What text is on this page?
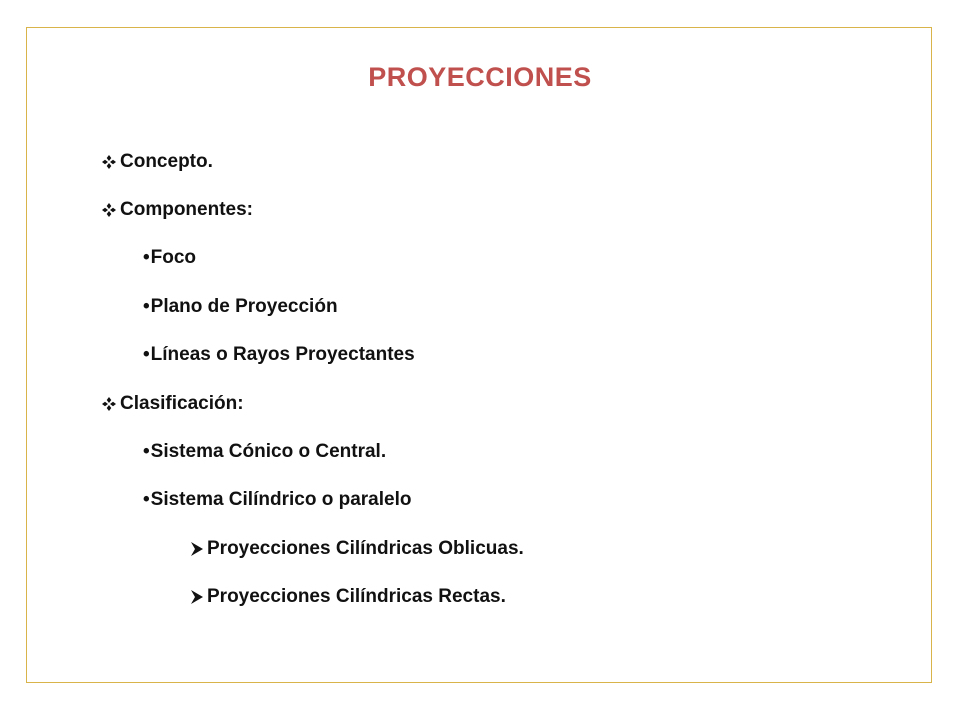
PROYECCIONES
Concepto.
Componentes:
• Foco
• Plano de Proyección
• Líneas o Rayos Proyectantes
Clasificación:
• Sistema Cónico o Central.
• Sistema Cilíndrico o paralelo
Proyecciones Cilíndricas Oblicuas.
Proyecciones Cilíndricas Rectas.
